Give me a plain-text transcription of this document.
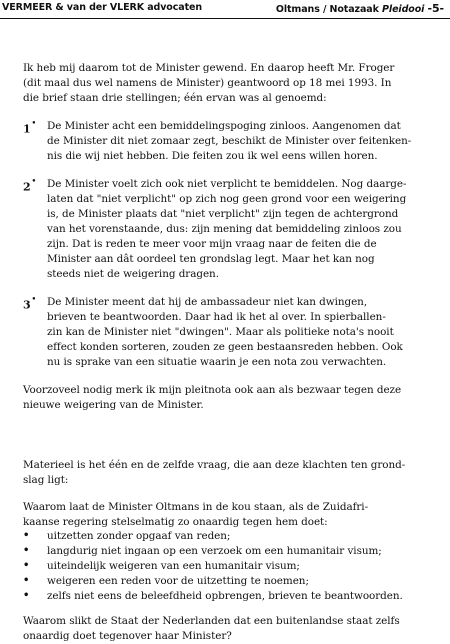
VERMEER & van der VLERK advocaten	Oltmans / Notazaak Pleidooi -5-
Ik heb mij daarom tot de Minister gewend. En daarop heeft Mr. Froger
(dit maal dus wel namens de Minister) geantwoord op 18 mei 1993. In
die brief staan drie stellingen; één ervan was al genoemd:
1• De Minister acht een bemiddelingspoging zinloos. Aangenomen dat
de Minister dit niet zomaar zegt, beschikt de Minister over feitenken-
nis die wij niet hebben. Die feiten zou ik wel eens willen horen.
2• De Minister voelt zich ook niet verplicht te bemiddelen. Nog daarge-
laten dat "niet verplicht" op zich nog geen grond voor een weigering
is, de Minister plaats dat "niet verplicht" zijn tegen de achtergrond
van het vorenstaande, dus: zijn mening dat bemiddeling zinloos zou
zijn. Dat is reden te meer voor mijn vraag naar de feiten die de
Minister aan dât oordeel ten grondslag legt. Maar het kan nog
steeds niet de weigering dragen.
3• De Minister meent dat hij de ambassadeur niet kan dwingen,
brieven te beantwoorden. Daar had ik het al over. In spierballen-
zin kan de Minister niet "dwingen". Maar als politieke nota's nooit
effect konden sorteren, zouden ze geen bestaansreden hebben. Ook
nu is sprake van een situatie waarin je een nota zou verwachten.
Voorzoveel nodig merk ik mijn pleitnota ook aan als bezwaar tegen deze
nieuwe weigering van de Minister.
Materieel is het één en de zelfde vraag, die aan deze klachten ten grond-
slag ligt:
Waarom laat de Minister Oltmans in de kou staan, als de Zuidafri-
kaanse regering stelselmatig zo onaardig tegen hem doet:
• uitzetten zonder opgaaf van reden;
• langdurig niet ingaan op een verzoek om een humanitair visum;
• uiteindelijk weigeren van een humanitair visum;
• weigeren een reden voor de uitzetting te noemen;
• zelfs niet eens de beleefdheid opbrengen, brieven te beantwoorden.
Waarom slikt de Staat der Nederlanden dat een buitenlandse staat zelfs
onaardig doet tegenover haar Minister?
